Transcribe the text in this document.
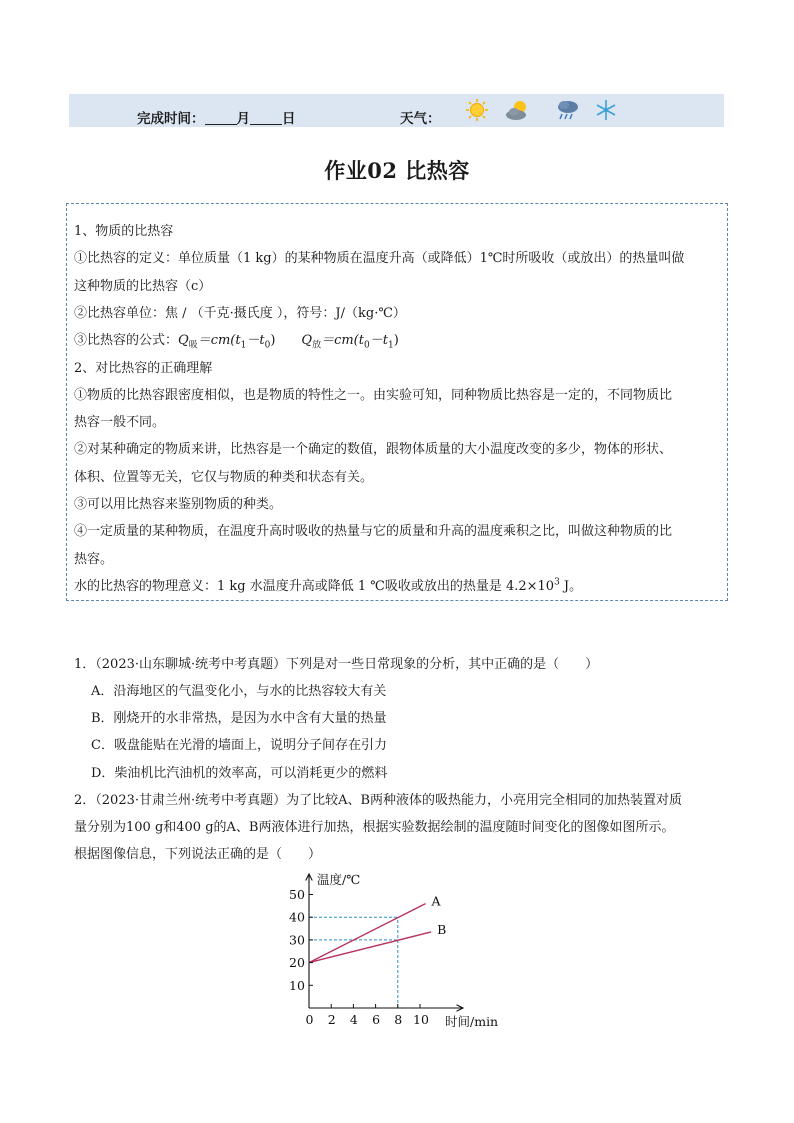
完成时间： 月 日	天气：
作业02 比热容
1、物质的比热容
①比热容的定义：单位质量（1 kg）的某种物质在温度升高（或降低）1℃时所吸收（或放出）的热量叫做
这种物质的比热容（c）
②比热容单位：焦 / （千克·摄氏度 ），符号：J/（kg·℃）
③比热容的公式：$Q_吸=cm(t_1-t_0)$ $Q_放=cm(t_0-t_1)$
2、对比热容的正确理解
①物质的比热容跟密度相似，也是物质的特性之一。由实验可知，同种物质比热容是一定的，不同物质比
热容一般不同。
②对某种确定的物质来讲，比热容是一个确定的数值，跟物体质量的大小温度改变的多少，物体的形状、
体积、位置等无关，它仅与物质的种类和状态有关。
③可以用比热容来鉴别物质的种类。
④一定质量的某种物质，在温度升高时吸收的热量与它的质量和升高的温度乘积之比，叫做这种物质的比
热容。
水的比热容的物理意义：1 kg 水温度升高或降低 1 ℃吸收或放出的热量是 $4.2\times 10^3$ J。
1．（2023·山东聊城·统考中考真题）下列是对一些日常现象的分析，其中正确的是（　　）
A．沿海地区的气温变化小，与水的比热容较大有关
B．刚烧开的水非常热，是因为水中含有大量的热量
C．吸盘能贴在光滑的墙面上，说明分子间存在引力
D．柴油机比汽油机的效率高，可以消耗更少的燃料
2．（2023·甘肃兰州·统考中考真题）为了比较A、B两种液体的吸热能力，小亮用完全相同的加热装置对质
量分别为100 g和400 g的A、B两液体进行加热，根据实验数据绘制的温度随时间变化的图像如图所示。
根据图像信息，下列说法正确的是（　　）
A
B
0 2 4 6 8 10
10
20
30
40
50
温度/℃
时间/min
